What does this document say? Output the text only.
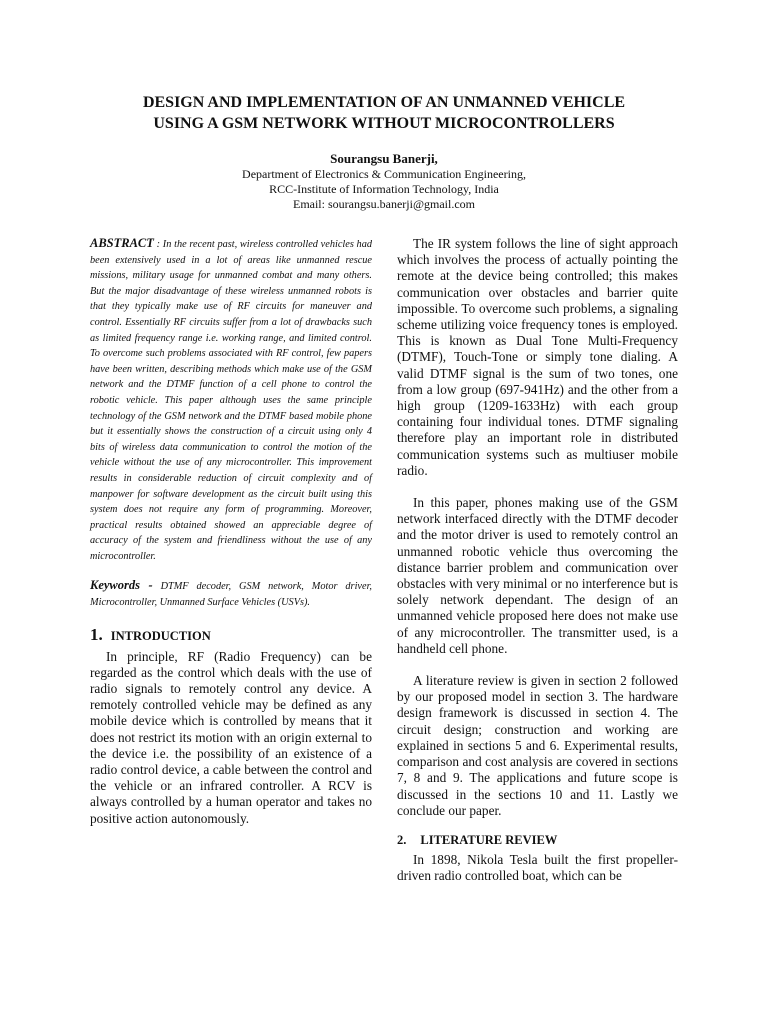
DESIGN AND IMPLEMENTATION OF AN UNMANNED VEHICLE
USING A GSM NETWORK WITHOUT MICROCONTROLLERS
Sourangsu Banerji,
Department of Electronics & Communication Engineering,
RCC-Institute of Information Technology, India
Email: sourangsu.banerji@gmail.com

ABSTRACT : In the recent past, wireless controlled vehicles had been extensively used in a lot of areas like unmanned rescue missions, military usage for unmanned combat and many others. But the major disadvantage of these wireless unmanned robots is that they typically make use of RF circuits for maneuver and control. Essentially RF circuits suffer from a lot of drawbacks such as limited frequency range i.e. working range, and limited control. To overcome such problems associated with RF control, few papers have been written, describing methods which make use of the GSM network and the DTMF function of a cell phone to control the robotic vehicle. This paper although uses the same principle technology of the GSM network and the DTMF based mobile phone but it essentially shows the construction of a circuit using only 4 bits of wireless data communication to control the motion of the vehicle without the use of any microcontroller. This improvement results in considerable reduction of circuit complexity and of manpower for software development as the circuit built using this system does not require any form of programming. Moreover, practical results obtained showed an appreciable degree of accuracy of the system and friendliness without the use of any microcontroller.

Keywords - DTMF decoder, GSM network, Motor driver, Microcontroller, Unmanned Surface Vehicles (USVs).

1. INTRODUCTION

In principle, RF (Radio Frequency) can be regarded as the control which deals with the use of radio signals to remotely control any device. A remotely controlled vehicle may be defined as any mobile device which is controlled by means that it does not restrict its motion with an origin external to the device i.e. the possibility of an existence of a radio control device, a cable between the control and the vehicle or an infrared controller. A RCV is always controlled by a human operator and takes no positive action autonomously.

The IR system follows the line of sight approach which involves the process of actually pointing the remote at the device being controlled; this makes communication over obstacles and barrier quite impossible. To overcome such problems, a signaling scheme utilizing voice frequency tones is employed. This is known as Dual Tone Multi-Frequency (DTMF), Touch-Tone or simply tone dialing. A valid DTMF signal is the sum of two tones, one from a low group (697-941Hz) and the other from a high group (1209-1633Hz) with each group containing four individual tones. DTMF signaling therefore play an important role in distributed communication systems such as multiuser mobile radio.

In this paper, phones making use of the GSM network interfaced directly with the DTMF decoder and the motor driver is used to remotely control an unmanned robotic vehicle thus overcoming the distance barrier problem and communication over obstacles with very minimal or no interference but is solely network dependant. The design of an unmanned vehicle proposed here does not make use of any microcontroller. The transmitter used, is a handheld cell phone.

A literature review is given in section 2 followed by our proposed model in section 3. The hardware design framework is discussed in section 4. The circuit design; construction and working are explained in sections 5 and 6. Experimental results, comparison and cost analysis are covered in sections 7, 8 and 9. The applications and future scope is discussed in the sections 10 and 11. Lastly we conclude our paper.

2. LITERATURE REVIEW

In 1898, Nikola Tesla built the first propeller-driven radio controlled boat, which can be
